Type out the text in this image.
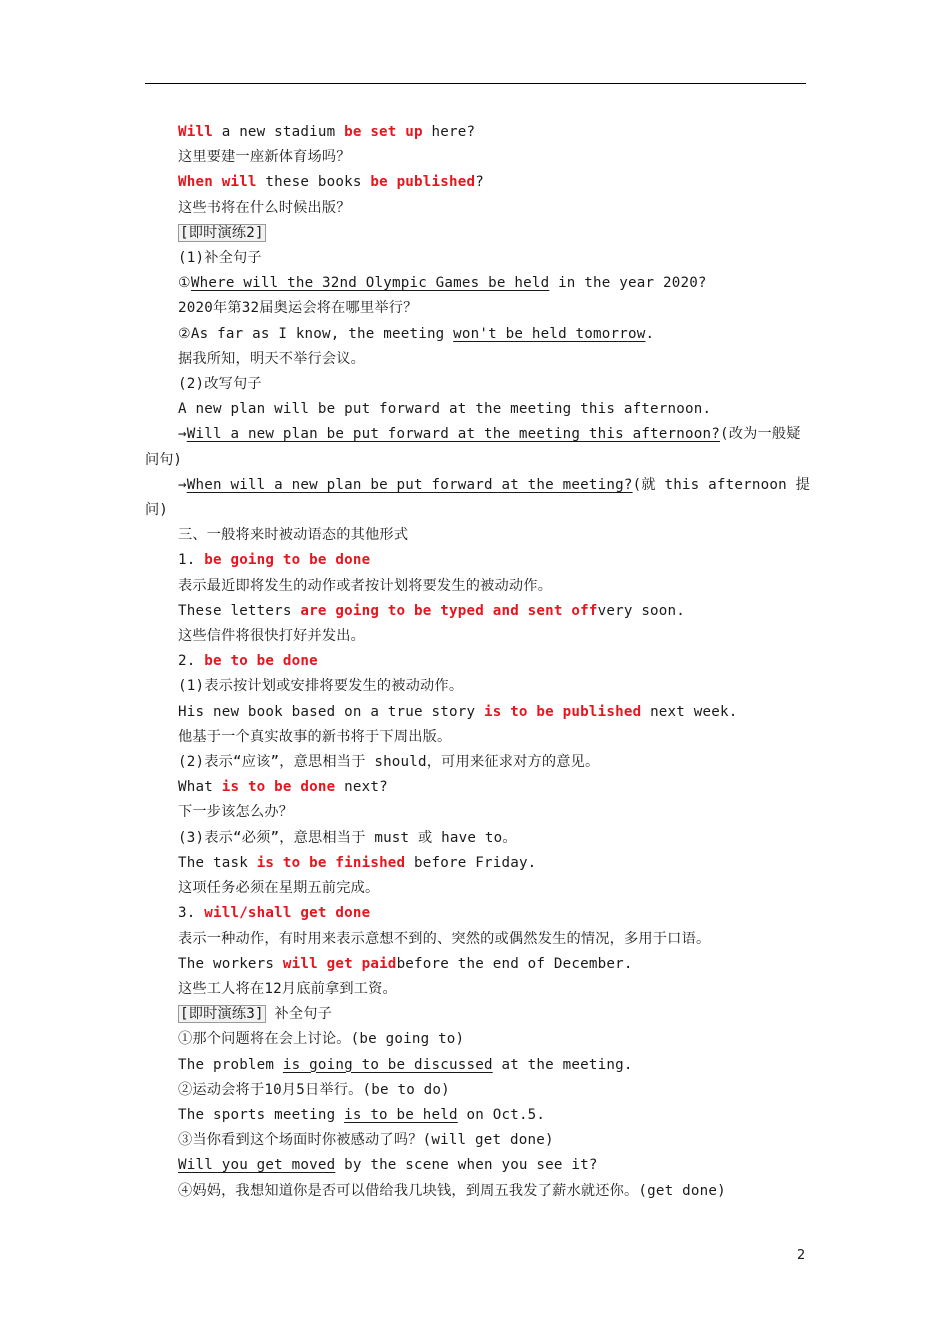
Will a new stadium be set up here?
这里要建一座新体育场吗？
When will these books be published?
这些书将在什么时候出版？
[即时演练2]
(1)补全句子
①Where will the 32nd Olympic Games be held in the year 2020?
2020年第32届奥运会将在哪里举行？
②As far as I know, the meeting won't be held tomorrow.
据我所知，明天不举行会议。
(2)改写句子
A new plan will be put forward at the meeting this afternoon.
→Will a new plan be put forward at the meeting this afternoon?(改为一般疑
问句)
→When will a new plan be put forward at the meeting?(就 this afternoon 提
问)
三、一般将来时被动语态的其他形式
1. be going to be done
表示最近即将发生的动作或者按计划将要发生的被动动作。
These letters are going to be typed and sent offvery soon.
这些信件将很快打好并发出。
2. be to be done
(1)表示按计划或安排将要发生的被动动作。
His new book based on a true story is to be published next week.
他基于一个真实故事的新书将于下周出版。
(2)表示“应该”，意思相当于 should，可用来征求对方的意见。
What is to be done next?
下一步该怎么办？
(3)表示“必须”，意思相当于 must 或 have to。
The task is to be finished before Friday.
这项任务必须在星期五前完成。
3. will/shall get done
表示一种动作，有时用来表示意想不到的、突然的或偶然发生的情况，多用于口语。
The workers will get paidbefore the end of December.
这些工人将在12月底前拿到工资。
[即时演练3] 补全句子
①那个问题将在会上讨论。(be going to)
The problem is going to be discussed at the meeting.
②运动会将于10月5日举行。(be to do)
The sports meeting is to be held on Oct.5.
③当你看到这个场面时你被感动了吗？(will get done)
Will you get moved by the scene when you see it?
④妈妈，我想知道你是否可以借给我几块钱，到周五我发了薪水就还你。(get done)
2
